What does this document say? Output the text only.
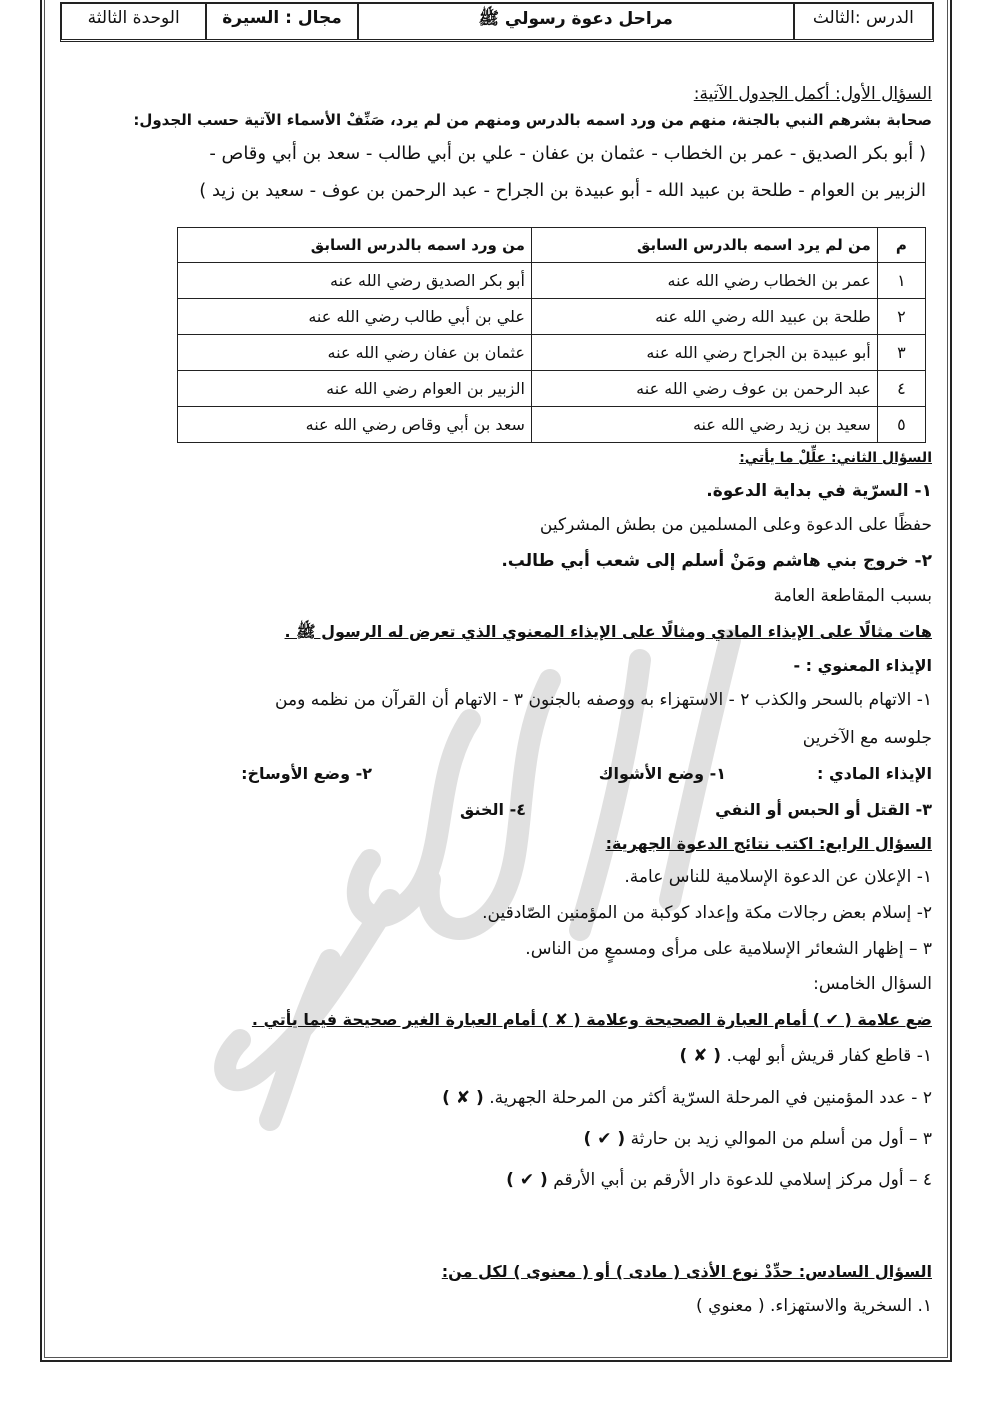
الدرس :الثالث
مراحل دعوة رسولي ﷺ
مجال : السيرة
الوحدة الثالثة
السؤال الأول: أكمل الجدول الآتية:
صحابة بشرهم النبي بالجنة، منهم من ورد اسمه بالدرس ومنهم من لم يرد، صَنِّفْ الأسماء الآتية حسب الجدول:
( أبو بكر الصديق - عمر بن الخطاب - عثمان بن عفان - علي بن أبي طالب - سعد بن أبي وقاص -
الزبير بن العوام - طلحة بن عبيد الله - أبو عبيدة بن الجراح - عبد الرحمن بن عوف - سعيد بن زيد )
م	من لم يرد اسمه بالدرس السابق	من ورد اسمه بالدرس السابق
١	عمر بن الخطاب رضي الله عنه	أبو بكر الصديق رضي الله عنه
٢	طلحة بن عبيد الله رضي الله عنه	علي بن أبي طالب رضي الله عنه
٣	أبو عبيدة بن الجراح رضي الله عنه	عثمان بن عفان رضي الله عنه
٤	عبد الرحمن بن عوف رضي الله عنه	الزبير بن العوام رضي الله عنه
٥	سعيد بن زيد رضي الله عنه	سعد بن أبي وقاص رضي الله عنه
السؤال الثاني: علِّلْ ما يأتي:
١- السرّية في بداية الدعوة.
حفظًا على الدعوة وعلى المسلمين من بطش المشركين
٢- خروج بني هاشم ومَنْ أسلم إلى شعب أبي طالب.
بسبب المقاطعة العامة
هات مثالًا على الإيذاء المادي ومثالًا على الإيذاء المعنوي الذي تعرض له الرسول ﷺ .
الإيذاء المعنوي : -
١- الاتهام بالسحر والكذب ٢ - الاستهزاء به ووصفه بالجنون ٣ - الاتهام أن القرآن من نظمه ومن
جلوسه مع الآخرين
الإيذاء المادي :
١- وضع الأشواك
٢- وضع الأوساخ:
٣- القتل أو الحبس أو النفي
٤- الخنق
السؤال الرابع: اكتب نتائج الدعوة الجهرية:
١- الإعلان عن الدعوة الإسلامية للناس عامة.
٢- إسلام بعض رجالات مكة وإعداد كوكبة من المؤمنين الصّادقين.
٣ – إظهار الشعائر الإسلامية على مرأى ومسمعٍ من الناس.
السؤال الخامس:
ضع علامة ( ✔ ) أمام العبارة الصحيحة وعلامة ( ✘ ) أمام العبارة الغير صحيحة فيما يأتي .
١- قاطع كفار قريش أبو لهب. ( ✘ )
٢ - عدد المؤمنين في المرحلة السرّية أكثر من المرحلة الجهرية. ( ✘ )
٣ – أول من أسلم من الموالي زيد بن حارثة ( ✔ )
٤ – أول مركز إسلامي للدعوة دار الأرقم بن أبي الأرقم ( ✔ )
السؤال السادس: حدِّدْ نوع الأذى ( مادى ) أو ( معنوى ) لكل من:
١. السخرية والاستهزاء. ( معنوي )
